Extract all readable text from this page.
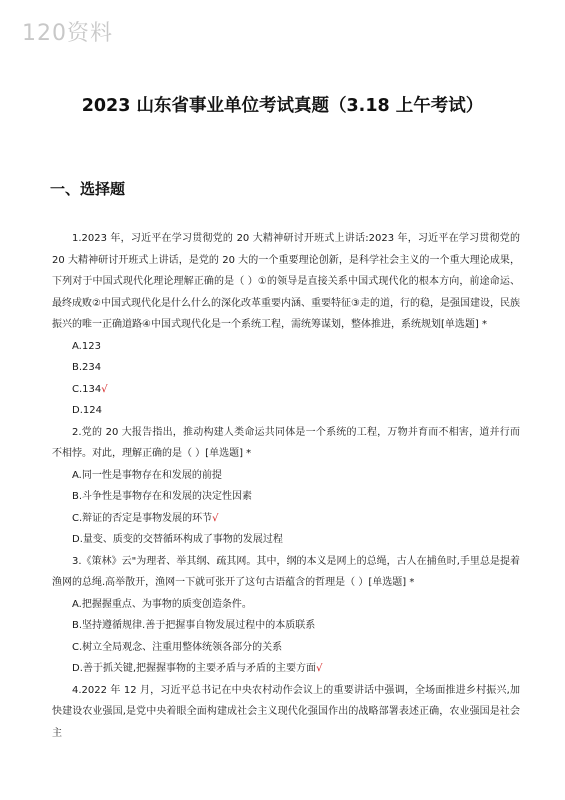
120资料
2023 山东省事业单位考试真题（3.18 上午考试）
一、选择题

1.2023 年，习近平在学习贯彻党的 20 大精神研讨开班式上讲话:2023 年，习近平在学习贯彻党的 20 大精神研讨开班式上讲话，是党的 20 大的一个重要理论创新，是科学社会主义的一个重大理论成果，下列对于中国式现代化理论理解正确的是（ ）①的领导是直接关系中国式现代化的根本方向，前途命运、最终成败②中国式现代化是什么什么的深化改革重要内涵、重要特征③走的道，行的稳，是强国建设，民族振兴的唯一正确道路④中国式现代化是一个系统工程，需统筹谋划，整体推进，系统规划[单选题] *

A.123

B.234

C.134√

D.124

2.党的 20 大报告指出，推动构建人类命运共同体是一个系统的工程，万物并育而不相害，道并行而不相悖。对此，理解正确的是（ ）[单选题] *

A.同一性是事物存在和发展的前提

B.斗争性是事物存在和发展的决定性因素

C.辩证的否定是事物发展的环节√

D.量变、质变的交替循环构成了事物的发展过程

3.《策林》云"为理者、举其纲、疏其网。其中，纲的本义是网上的总绳，古人在捕鱼时,手里总是提着渔网的总绳.高举散开，渔网一下就可张开了这句古语蕴含的哲理是（ ）[单选题] *

A.把握握重点、为事物的质变创造条件。

B.坚持遵循规律.善于把握事自物发展过程中的本质联系

C.树立全局观念、注重用整体统领各部分的关系

D.善于抓关键,把握握事物的主要矛盾与矛盾的主要方面√

4.2022 年 12 月，习近平总书记在中央农村动作会议上的重要讲话中强调，全场面推进乡村振兴,加快建设农业强国,是党中央着眼全面构建成社会主义现代化强国作出的战略部署表述正确，农业强国是社会主
